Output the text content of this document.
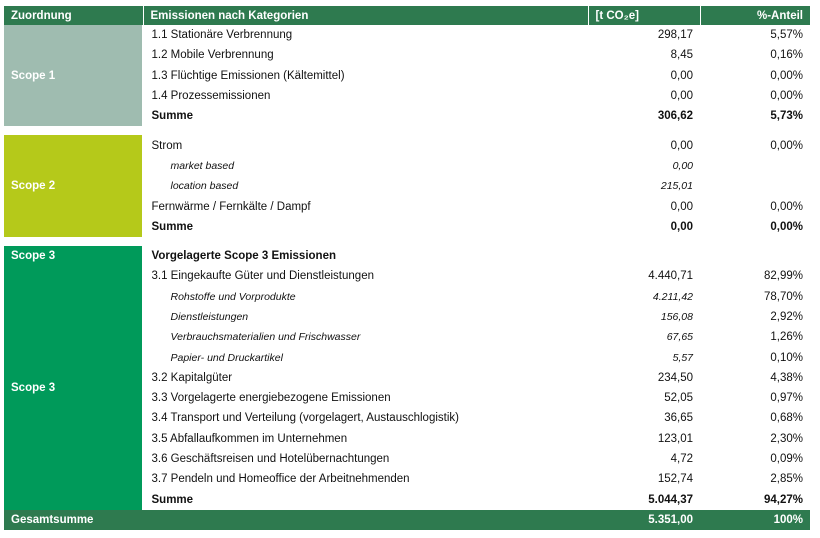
Zuordnung	Emissionen nach Kategorien	[t CO₂e]	%-Anteil
Scope 1	1.1 Stationäre Verbrennung	298,17	5,57%
	1.2 Mobile Verbrennung	8,45	0,16%
	1.3 Flüchtige Emissionen (Kältemittel)	0,00	0,00%
	1.4 Prozessemissionen	0,00	0,00%
	Summe	306,62	5,73%

Scope 2	Strom	0,00	0,00%
	market based	0,00	
	location based	215,01	
	Fernwärme / Fernkälte / Dampf	0,00	0,00%
	Summe	0,00	0,00%

Scope 3	Vorgelagerte Scope 3 Emissionen		
Scope 3	3.1 Eingekaufte Güter und Dienstleistungen	4.440,71	82,99%
	Rohstoffe und Vorprodukte	4.211,42	78,70%
	Dienstleistungen	156,08	2,92%
	Verbrauchsmaterialien und Frischwasser	67,65	1,26%
	Papier- und Druckartikel	5,57	0,10%
	3.2 Kapitalgüter	234,50	4,38%
	3.3 Vorgelagerte energiebezogene Emissionen	52,05	0,97%
	3.4 Transport und Verteilung (vorgelagert, Austauschlogistik)	36,65	0,68%
	3.5 Abfallaufkommen im Unternehmen	123,01	2,30%
	3.6 Geschäftsreisen und Hotelübernachtungen	4,72	0,09%
	3.7 Pendeln und Homeoffice der Arbeitnehmenden	152,74	2,85%
	Summe	5.044,37	94,27%
Gesamtsumme		5.351,00	100%
